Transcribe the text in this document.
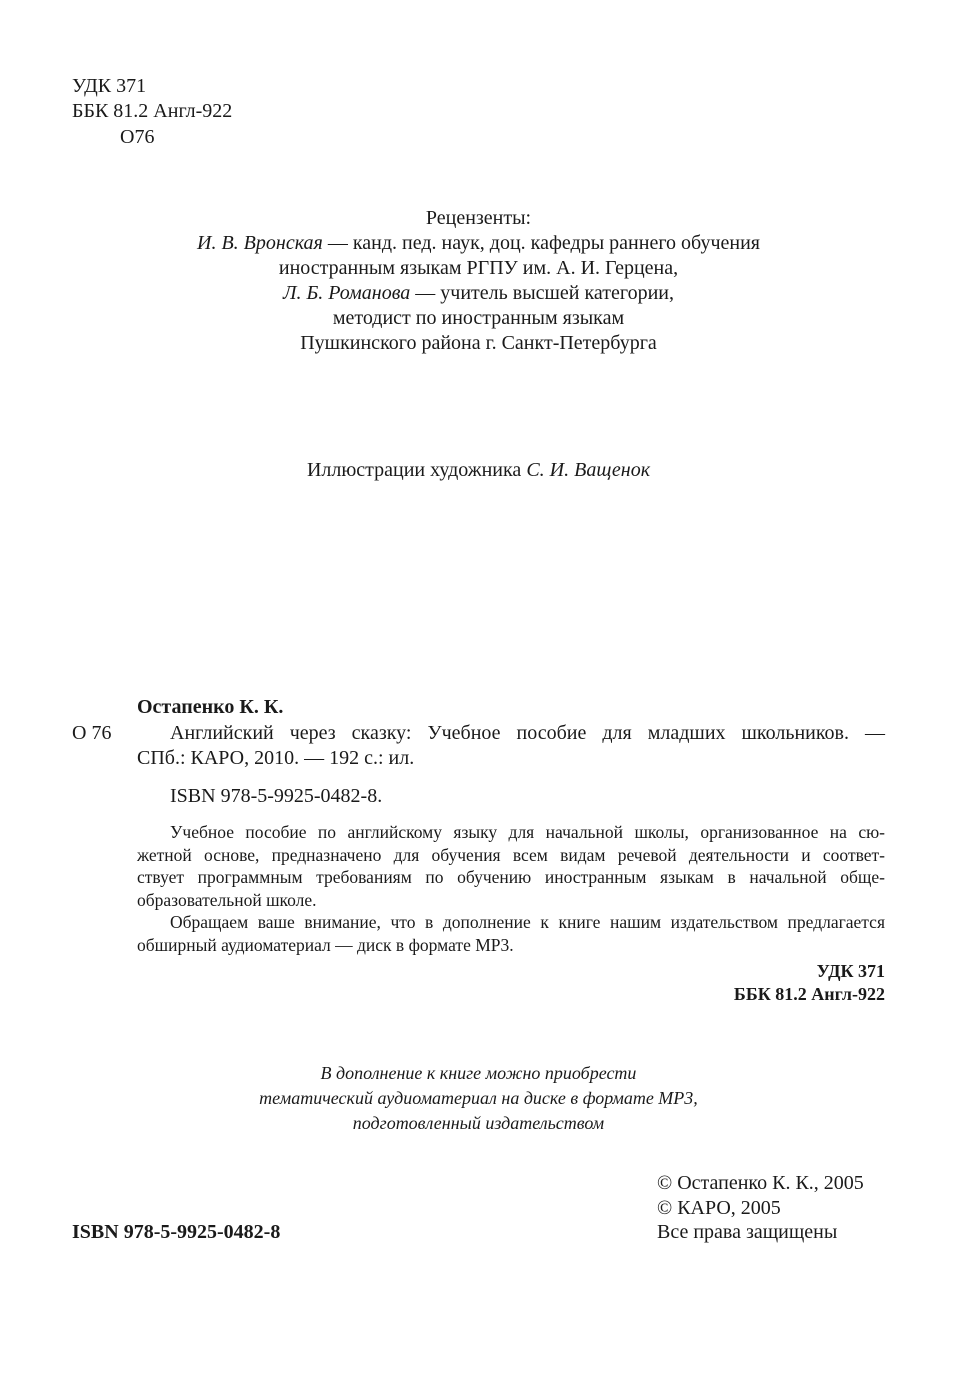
УДК 371
ББК 81.2 Англ-922
О76
Рецензенты:
И. В. Вронская — канд. пед. наук, доц. кафедры раннего обучения
иностранным языкам РГПУ им. А. И. Герцена,
Л. Б. Романова — учитель высшей категории,
методист по иностранным языкам
Пушкинского района г. Санкт-Петербурга
Иллюстрации художника С. И. Ващенок
Остапенко К. К.
О 76	Английский через сказку: Учебное пособие для младших школьников. —
СПб.: КАРО, 2010. — 192 с.: ил.
ISBN 978-5-9925-0482-8.
Учебное пособие по английскому языку для начальной школы, организованное на сю-
жетной основе, предназначено для обучения всем видам речевой деятельности и соответ-
ствует программным требованиям по обучению иностранным языкам в начальной обще-
образовательной школе.
Обращаем ваше внимание, что в дополнение к книге нашим издательством предлагается
обширный аудиоматериал — диск в формате MP3.
УДК 371
ББК 81.2 Англ-922
В дополнение к книге можно приобрести
тематический аудиоматериал на диске в формате MP3,
подготовленный издательством
© Остапенко К. К., 2005
© КАРО, 2005
ISBN 978-5-9925-0482-8	Все права защищены
